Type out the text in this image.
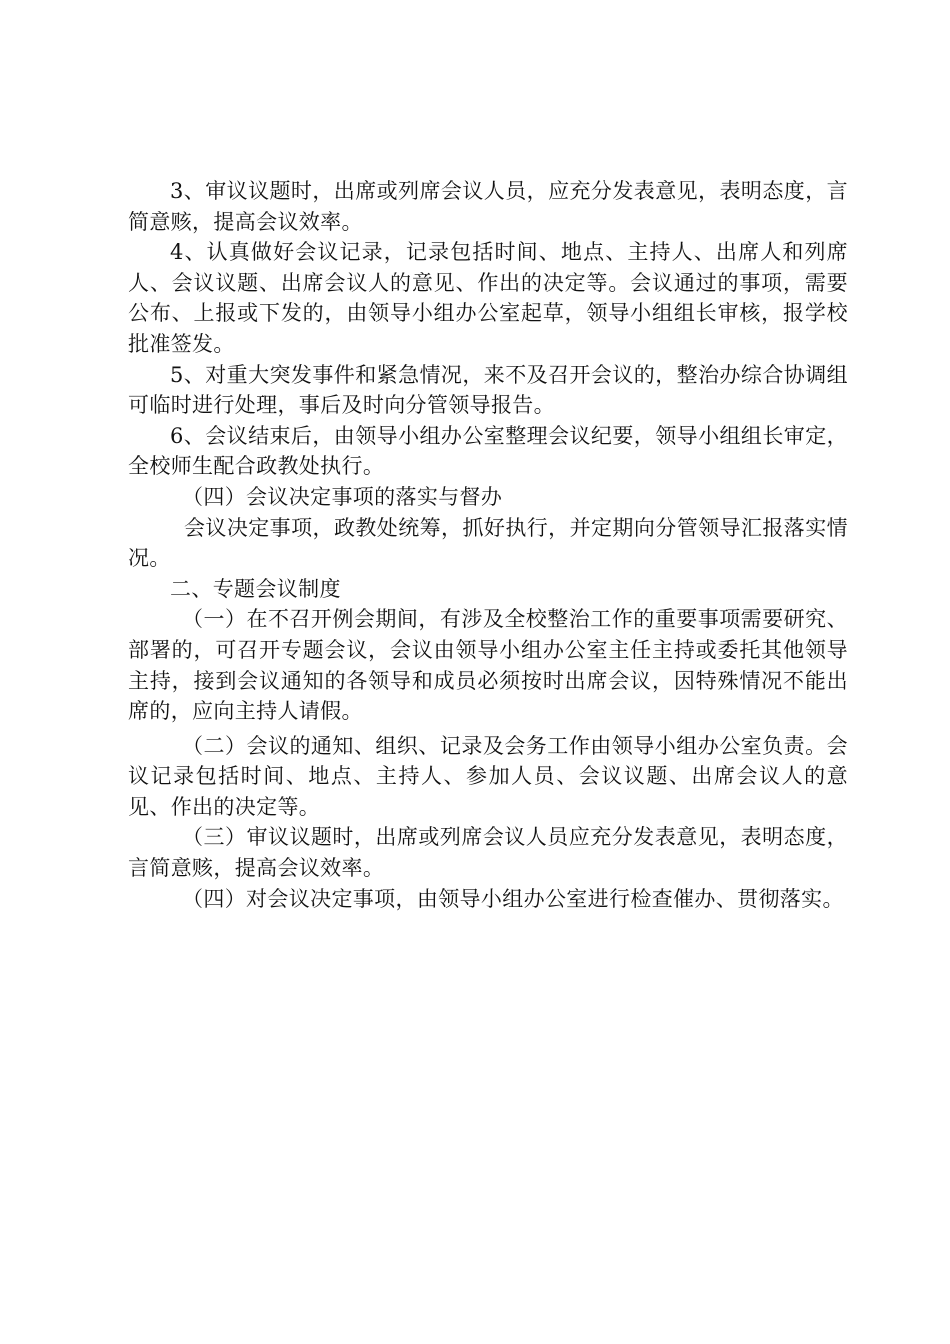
3、审议议题时，出席或列席会议人员，应充分发表意见，表明态度，言简意赅，提高会议效率。

4、认真做好会议记录，记录包括时间、地点、主持人、出席人和列席人、会议议题、出席会议人的意见、作出的决定等。会议通过的事项，需要公布、上报或下发的，由领导小组办公室起草，领导小组组长审核，报学校批准签发。

5、对重大突发事件和紧急情况，来不及召开会议的，整治办综合协调组可临时进行处理，事后及时向分管领导报告。

6、会议结束后，由领导小组办公室整理会议纪要，领导小组组长审定，全校师生配合政教处执行。

（四）会议决定事项的落实与督办

会议决定事项，政教处统筹，抓好执行，并定期向分管领导汇报落实情况。

二、专题会议制度

（一）在不召开例会期间，有涉及全校整治工作的重要事项需要研究、部署的，可召开专题会议，会议由领导小组办公室主任主持或委托其他领导主持，接到会议通知的各领导和成员必须按时出席会议，因特殊情况不能出席的，应向主持人请假。

（二）会议的通知、组织、记录及会务工作由领导小组办公室负责。会议记录包括时间、地点、主持人、参加人员、会议议题、出席会议人的意见、作出的决定等。

（三）审议议题时，出席或列席会议人员应充分发表意见，表明态度，言简意赅，提高会议效率。

（四）对会议决定事项，由领导小组办公室进行检查催办、贯彻落实。
